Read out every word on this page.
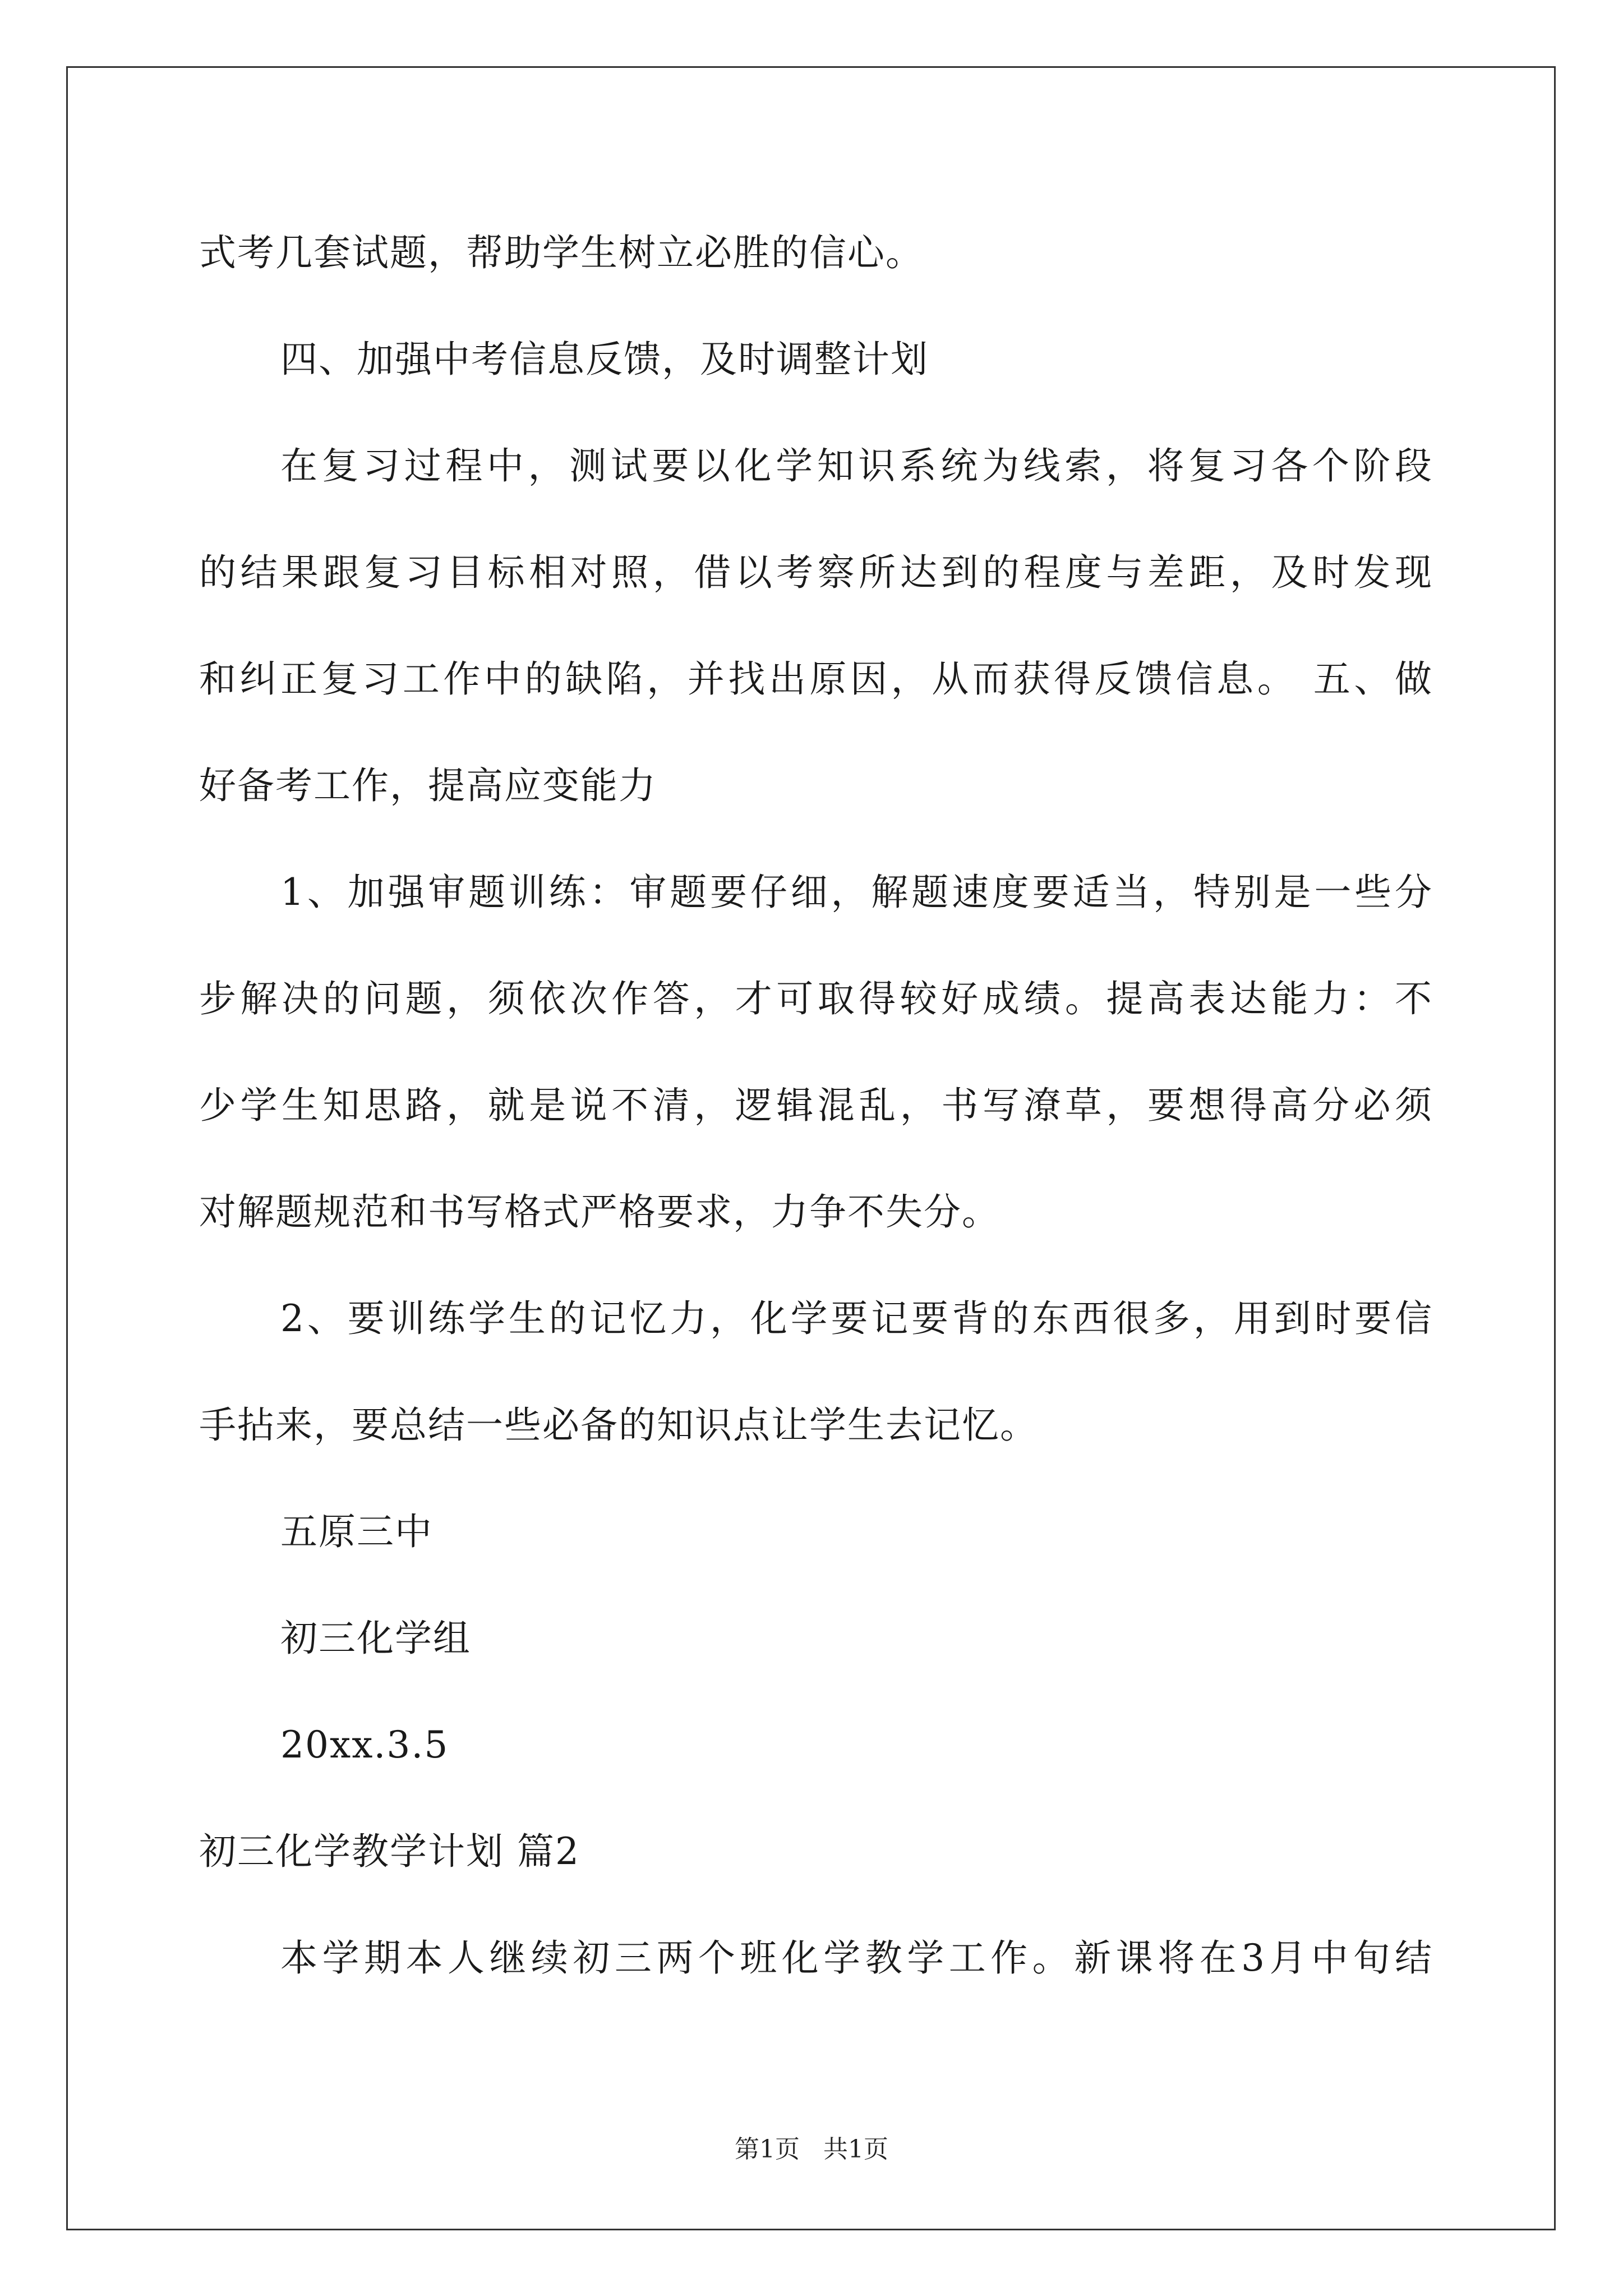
式考几套试题，帮助学生树立必胜的信心。
四、加强中考信息反馈，及时调整计划
在复习过程中，测试要以化学知识系统为线索，将复习各个阶段
的结果跟复习目标相对照，借以考察所达到的程度与差距，及时发现
和纠正复习工作中的缺陷，并找出原因，从而获得反馈信息。 五、做
好备考工作，提高应变能力
1、加强审题训练：审题要仔细，解题速度要适当，特别是一些分
步解决的问题，须依次作答，才可取得较好成绩。提高表达能力：不
少学生知思路，就是说不清，逻辑混乱，书写潦草，要想得高分必须
对解题规范和书写格式严格要求，力争不失分。
2、要训练学生的记忆力，化学要记要背的东西很多，用到时要信
手拈来，要总结一些必备的知识点让学生去记忆。
五原三中
初三化学组
20xx.3.5
初三化学教学计划 篇2
本学期本人继续初三两个班化学教学工作。新课将在3月中旬结
第1页 共1页
